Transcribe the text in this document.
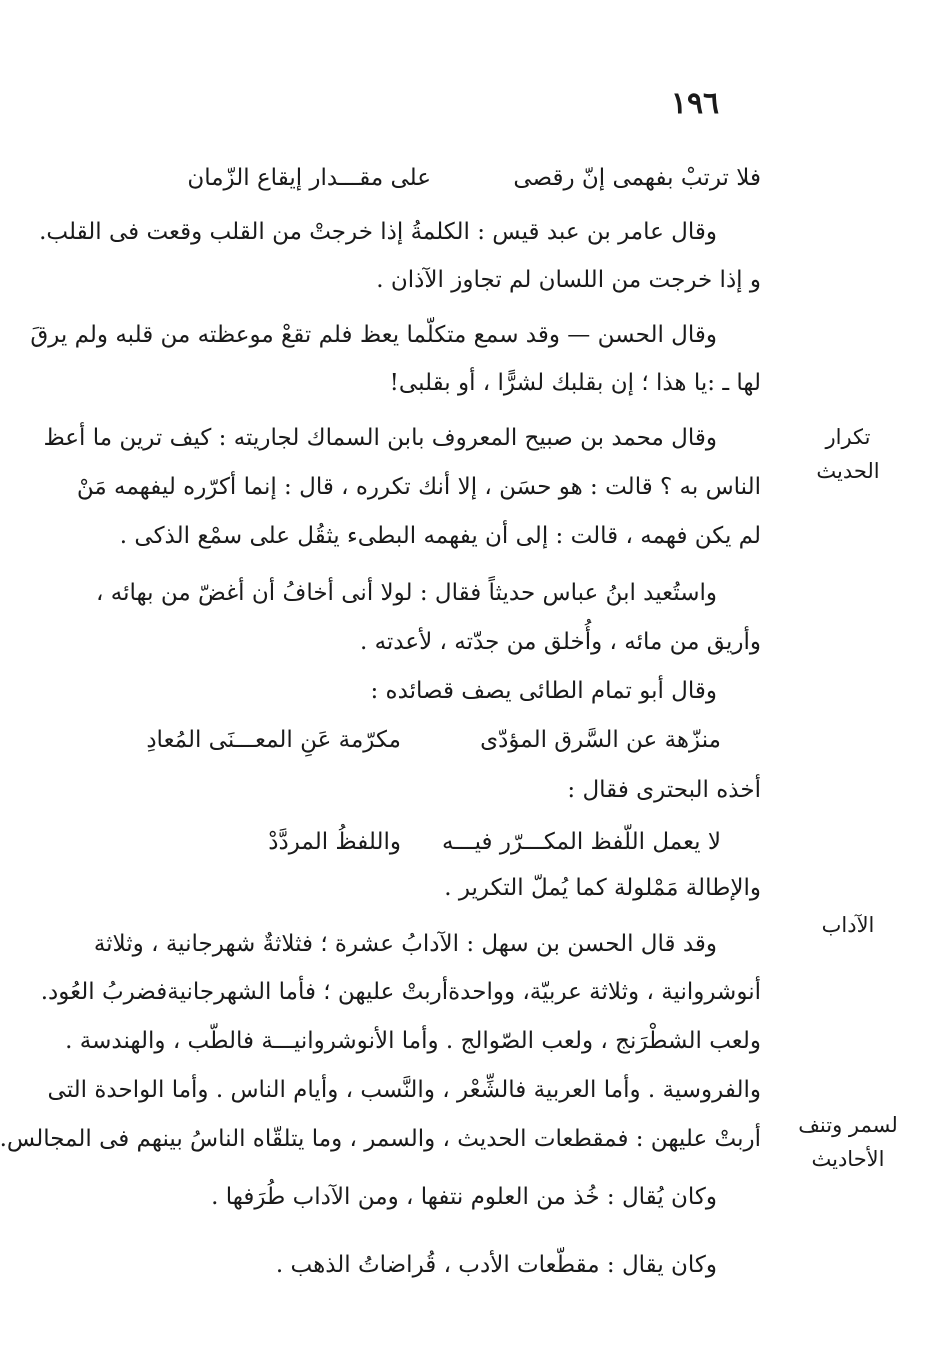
١٩٦
فلا ترتبْ بفهمى إنّ رقصى
على مقـــدار إيقاع الزّمان
وقال عامر بن عبد قيس : الكلمةُ إذا خرجتْ من القلب وقعت فى القلب.
و إذا خرجت من اللسان لم تجاوز الآذان .
وقال الحسن — وقد سمع متكلّما يعظ فلم تقعْ موعظته من قلبه ولم يرقَ
لها ـ :يا هذا ؛ إن بقلبك لشرًّا ، أو بقلبى!
تكرار
الحديث
وقال محمد بن صبيح المعروف بابن السماك لجاريته : كيف ترين ما أعظ
الناس به ؟ قالت : هو حسَن ، إلا أنك تكرره ، قال : إنما أكرّره ليفهمه مَنْ
لم يكن فهمه ، قالت : إلى أن يفهمه البطىء يثقُل على سمْع الذكى .
واستُعيد ابنُ عباس حديثاً فقال : لولا أنى أخافُ أن أغضّ من بهائه ،
وأريق من مائه ، وأُخلق من جدّته ، لأعدته .
وقال أبو تمام الطائى يصف قصائده :
منزّهة عن السَّرق المؤدّى
مكرّمة عَنِ المعـــنَى المُعادِ
أخذه البحترى فقال :
لا يعمل اللّفظ المكـــرّر فيـــه
واللفظُ المردَّدْ
والإطالة مَمْلولة كما يُملّ التكرير .
الآداب
وقد قال الحسن بن سهل : الآدابُ عشرة ؛ فثلاثةٌ شهرجانية ، وثلاثة
أنوشروانية ، وثلاثة عربيّة، وواحدةأربتْ عليهن ؛ فأما الشهرجانيةفضربُ العُود.
ولعب الشطْرَنج ، ولعب الصّوالج . وأما الأنوشروانيـــة فالطّب ، والهندسة .
والفروسية . وأما العربية فالشِّعْر ، والنَّسب ، وأيام الناس . وأما الواحدة التى
أربتْ عليهن : فمقطعات الحديث ، والسمر ، وما يتلقّاه الناسُ بينهم فى المجالس.
لسمر وتنف
الأحاديث
وكان يُقال : خُذ من العلوم نتفها ، ومن الآداب طُرَفها .
وكان يقال : مقطّعات الأدب ، قُراضاتُ الذهب .
